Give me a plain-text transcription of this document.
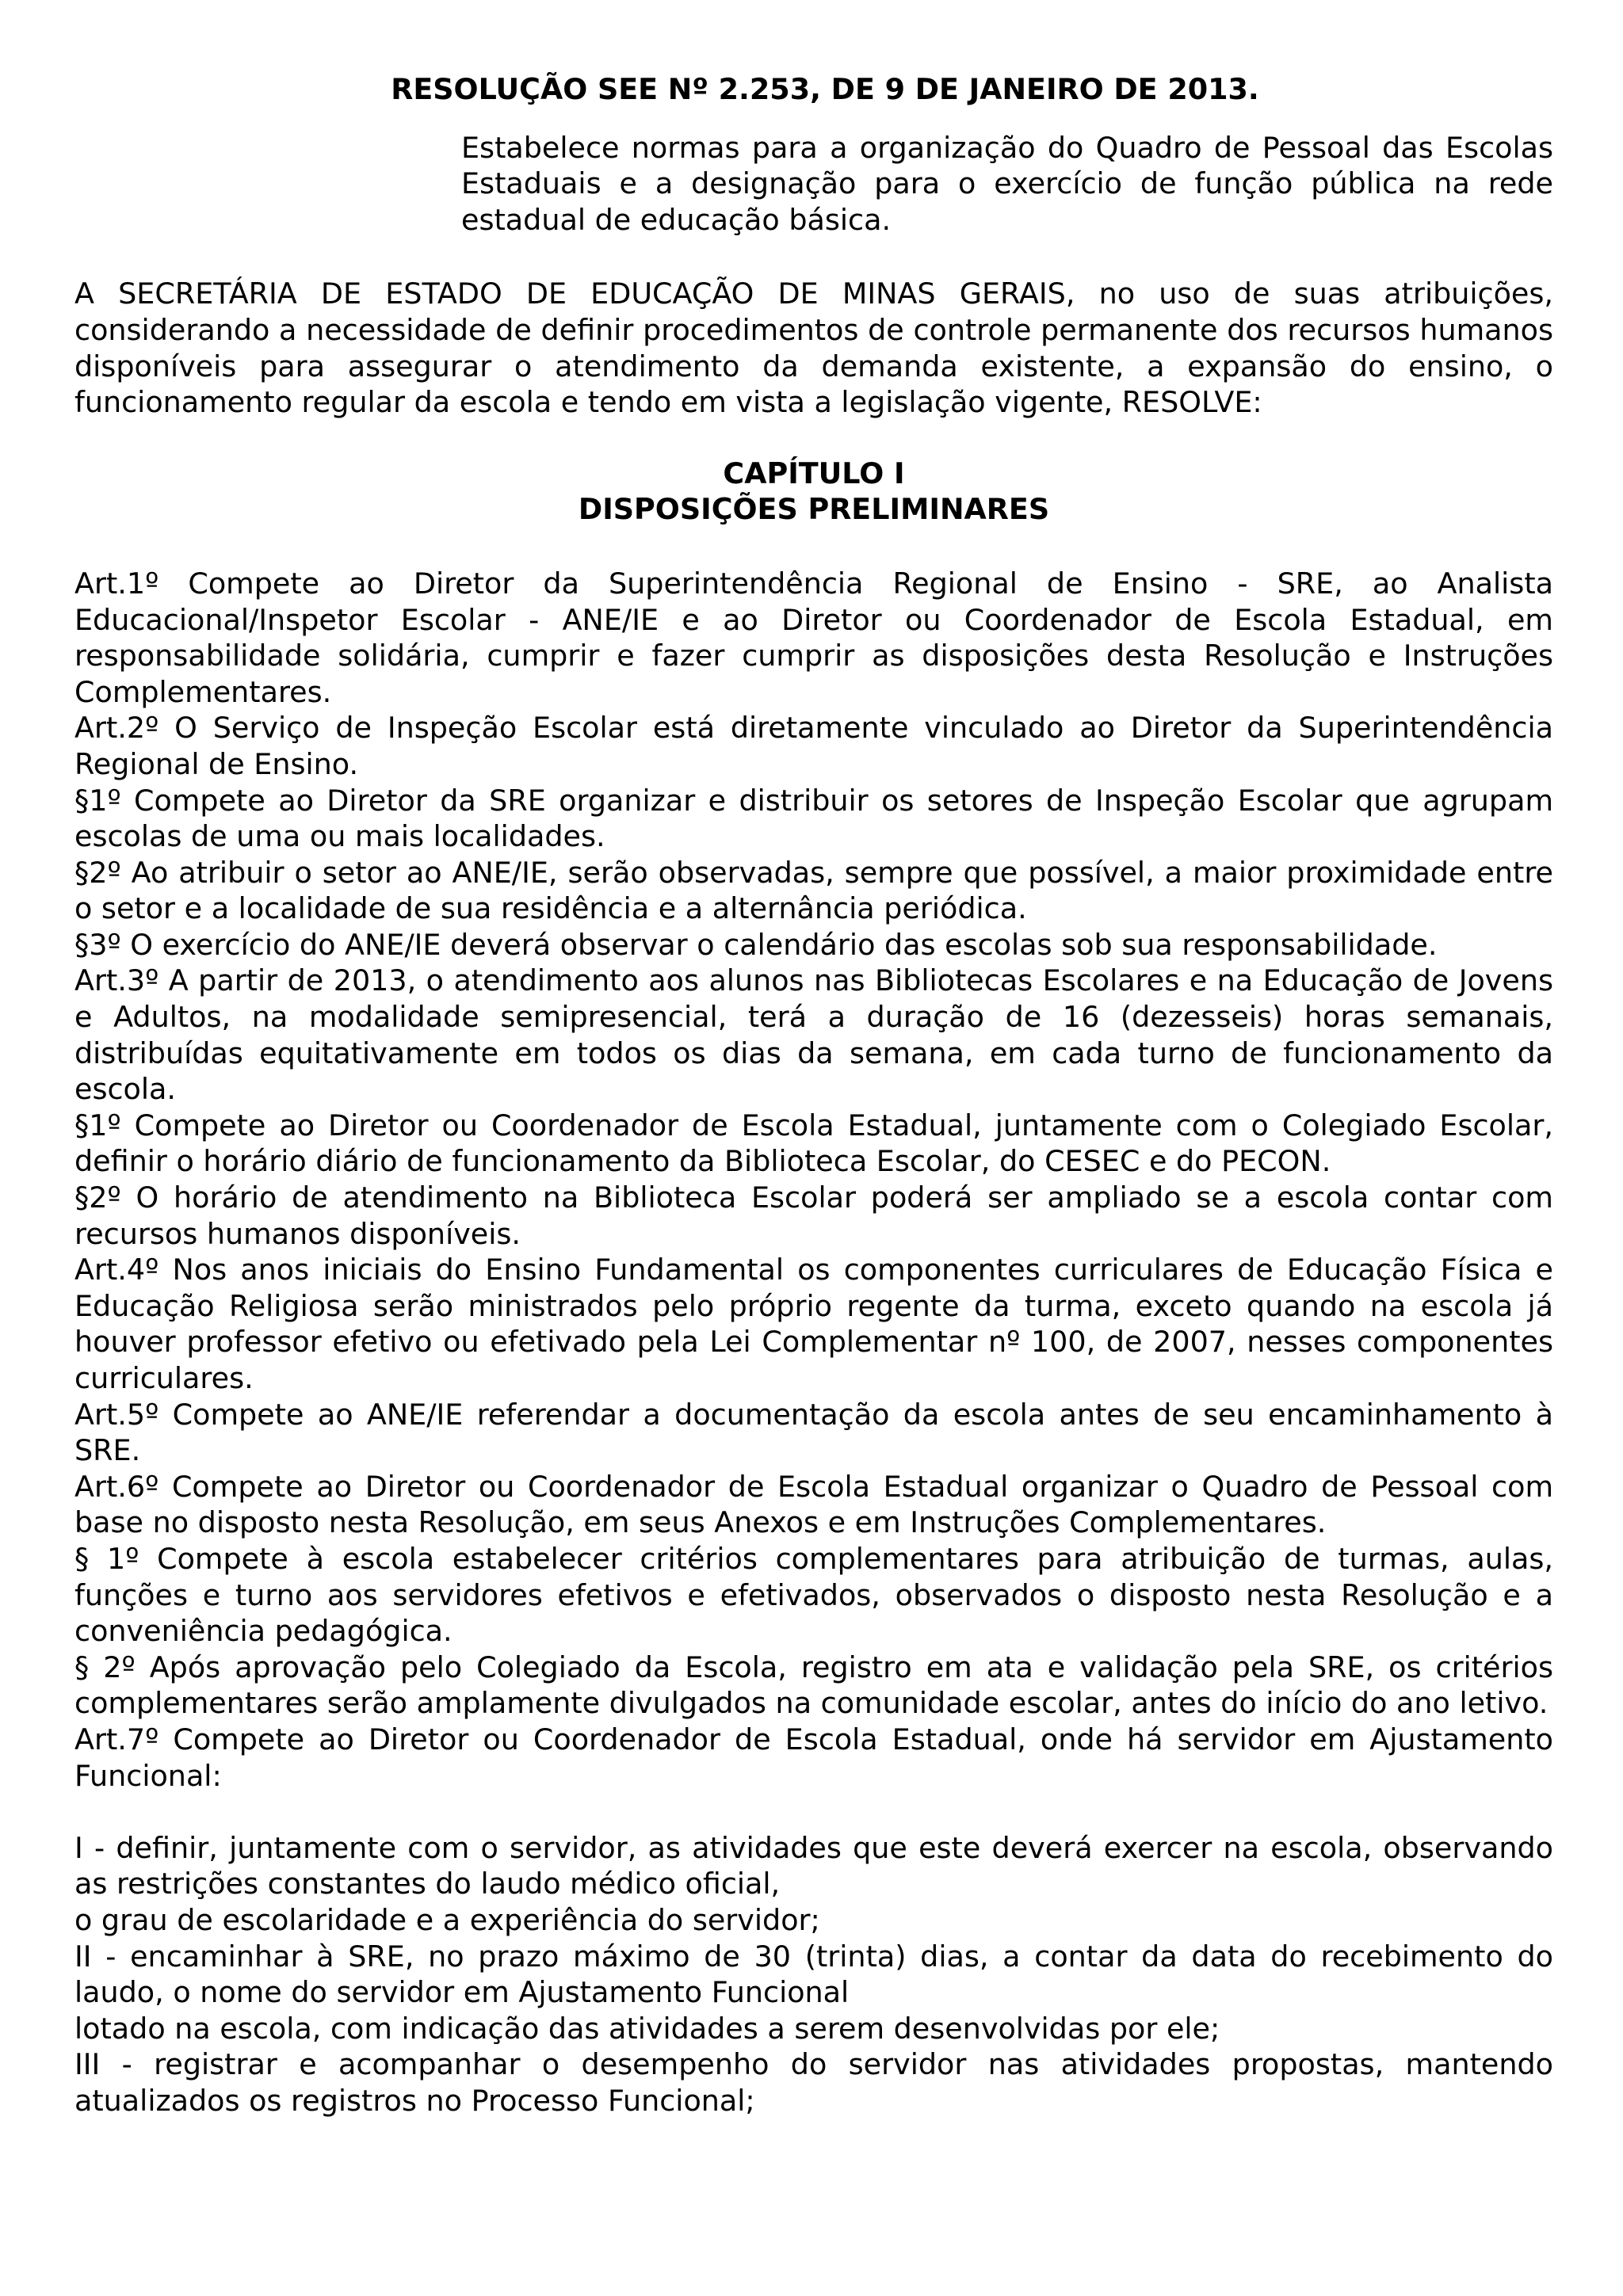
RESOLUÇÃO SEE Nº 2.253, DE 9 DE JANEIRO DE 2013.

Estabelece normas para a organização do Quadro de Pessoal das Escolas Estaduais e a designação para o exercício de função pública na rede estadual de educação básica.
A SECRETÁRIA DE ESTADO DE EDUCAÇÃO DE MINAS GERAIS, no uso de suas atribuições, considerando a necessidade de definir procedimentos de controle permanente dos recursos humanos disponíveis para assegurar o atendimento da demanda existente, a expansão do ensino, o funcionamento regular da escola e tendo em vista a legislação vigente, RESOLVE:
CAPÍTULO I
DISPOSIÇÕES PRELIMINARES

Art.1º Compete ao Diretor da Superintendência Regional de Ensino - SRE, ao Analista Educacional/Inspetor Escolar - ANE/IE e ao Diretor ou Coordenador de Escola Estadual, em responsabilidade solidária, cumprir e fazer cumprir as disposições desta Resolução e Instruções Complementares.

Art.2º O Serviço de Inspeção Escolar está diretamente vinculado ao Diretor da Superintendência Regional de Ensino.

§1º Compete ao Diretor da SRE organizar e distribuir os setores de Inspeção Escolar que agrupam escolas de uma ou mais localidades.

§2º Ao atribuir o setor ao ANE/IE, serão observadas, sempre que possível, a maior proximidade entre o setor e a localidade de sua residência e a alternância periódica.

§3º O exercício do ANE/IE deverá observar o calendário das escolas sob sua responsabilidade.

Art.3º A partir de 2013, o atendimento aos alunos nas Bibliotecas Escolares e na Educação de Jovens e Adultos, na modalidade semipresencial, terá a duração de 16 (dezesseis) horas semanais, distribuídas equitativamente em todos os dias da semana, em cada turno de funcionamento da escola.

§1º Compete ao Diretor ou Coordenador de Escola Estadual, juntamente com o Colegiado Escolar, definir o horário diário de funcionamento da Biblioteca Escolar, do CESEC e do PECON.

§2º O horário de atendimento na Biblioteca Escolar poderá ser ampliado se a escola contar com recursos humanos disponíveis.

Art.4º Nos anos iniciais do Ensino Fundamental os componentes curriculares de Educação Física e Educação Religiosa serão ministrados pelo próprio regente da turma, exceto quando na escola já houver professor efetivo ou efetivado pela Lei Complementar nº 100, de 2007, nesses componentes curriculares.

Art.5º Compete ao ANE/IE referendar a documentação da escola antes de seu encaminhamento à SRE.

Art.6º Compete ao Diretor ou Coordenador de Escola Estadual organizar o Quadro de Pessoal com base no disposto nesta Resolução, em seus Anexos e em Instruções Complementares.

§ 1º Compete à escola estabelecer critérios complementares para atribuição de turmas, aulas, funções e turno aos servidores efetivos e efetivados, observados o disposto nesta Resolução e a conveniência pedagógica.

§ 2º Após aprovação pelo Colegiado da Escola, registro em ata e validação pela SRE, os critérios complementares serão amplamente divulgados na comunidade escolar, antes do início do ano letivo.

Art.7º Compete ao Diretor ou Coordenador de Escola Estadual, onde há servidor em Ajustamento Funcional:

I - definir, juntamente com o servidor, as atividades que este deverá exercer na escola, observando as restrições constantes do laudo médico oficial,

o grau de escolaridade e a experiência do servidor;

II - encaminhar à SRE, no prazo máximo de 30 (trinta) dias, a contar da data do recebimento do laudo, o nome do servidor em Ajustamento Funcional

lotado na escola, com indicação das atividades a serem desenvolvidas por ele;

III - registrar e acompanhar o desempenho do servidor nas atividades propostas, mantendo atualizados os registros no Processo Funcional;
